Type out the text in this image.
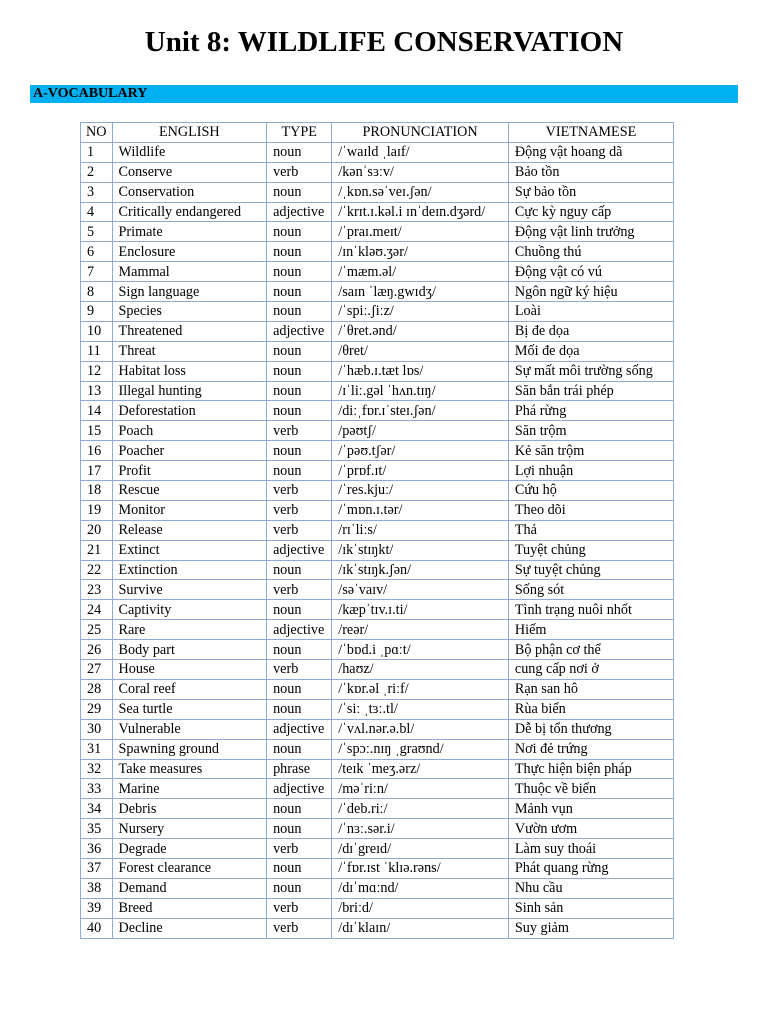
Unit 8: WILDLIFE CONSERVATION
A-VOCABULARY
NO	ENGLISH	TYPE	PRONUNCIATION	VIETNAMESE
1	Wildlife	noun	/ˈwaɪld ˌlaɪf/	Động vật hoang dã
2	Conserve	verb	/kənˈsɜːv/	Bảo tồn
3	Conservation	noun	/ˌkɒn.səˈveɪ.ʃən/	Sự bảo tồn
4	Critically endangered	adjective	/ˈkrɪt.ɪ.kəl.i ɪnˈdeɪn.dʒərd/	Cực kỳ nguy cấp
5	Primate	noun	/ˈpraɪ.meɪt/	Động vật linh trưởng
6	Enclosure	noun	/ɪnˈkləʊ.ʒər/	Chuồng thú
7	Mammal	noun	/ˈmæm.əl/	Động vật có vú
8	Sign language	noun	/saɪn ˈlæŋ.gwɪdʒ/	Ngôn ngữ ký hiệu
9	Species	noun	/ˈspiː.ʃiːz/	Loài
10	Threatened	adjective	/ˈθret.ənd/	Bị đe dọa
11	Threat	noun	/θret/	Mối đe dọa
12	Habitat loss	noun	/ˈhæb.ɪ.tæt lɒs/	Sự mất môi trường sống
13	Illegal hunting	noun	/ɪˈliː.gəl ˈhʌn.tɪŋ/	Săn bắn trái phép
14	Deforestation	noun	/diːˌfɒr.ɪˈsteɪ.ʃən/	Phá rừng
15	Poach	verb	/pəʊtʃ/	Săn trộm
16	Poacher	noun	/ˈpəʊ.tʃər/	Kẻ săn trộm
17	Profit	noun	/ˈprɒf.ɪt/	Lợi nhuận
18	Rescue	verb	/ˈres.kjuː/	Cứu hộ
19	Monitor	verb	/ˈmɒn.ɪ.tər/	Theo dõi
20	Release	verb	/rɪˈliːs/	Thả
21	Extinct	adjective	/ɪkˈstɪŋkt/	Tuyệt chủng
22	Extinction	noun	/ɪkˈstɪŋk.ʃən/	Sự tuyệt chủng
23	Survive	verb	/səˈvaɪv/	Sống sót
24	Captivity	noun	/kæpˈtɪv.ɪ.ti/	Tình trạng nuôi nhốt
25	Rare	adjective	/reər/	Hiếm
26	Body part	noun	/ˈbɒd.i ˌpɑːt/	Bộ phận cơ thể
27	House	verb	/haʊz/	cung cấp nơi ở
28	Coral reef	noun	/ˈkɒr.əl ˌriːf/	Rạn san hô
29	Sea turtle	noun	/ˈsiː ˌtɜː.tl/	Rùa biển
30	Vulnerable	adjective	/ˈvʌl.nər.ə.bl/	Dễ bị tổn thương
31	Spawning ground	noun	/ˈspɔː.nɪŋ ˌgraʊnd/	Nơi đẻ trứng
32	Take measures	phrase	/teɪk ˈmeʒ.ərz/	Thực hiện biện pháp
33	Marine	adjective	/məˈriːn/	Thuộc về biển
34	Debris	noun	/ˈdeb.riː/	Mảnh vụn
35	Nursery	noun	/ˈnɜː.sər.i/	Vườn ươm
36	Degrade	verb	/dɪˈgreɪd/	Làm suy thoái
37	Forest clearance	noun	/ˈfɒr.ɪst ˈklɪə.rəns/	Phát quang rừng
38	Demand	noun	/dɪˈmɑːnd/	Nhu cầu
39	Breed	verb	/briːd/	Sinh sản
40	Decline	verb	/dɪˈklaɪn/	Suy giảm
